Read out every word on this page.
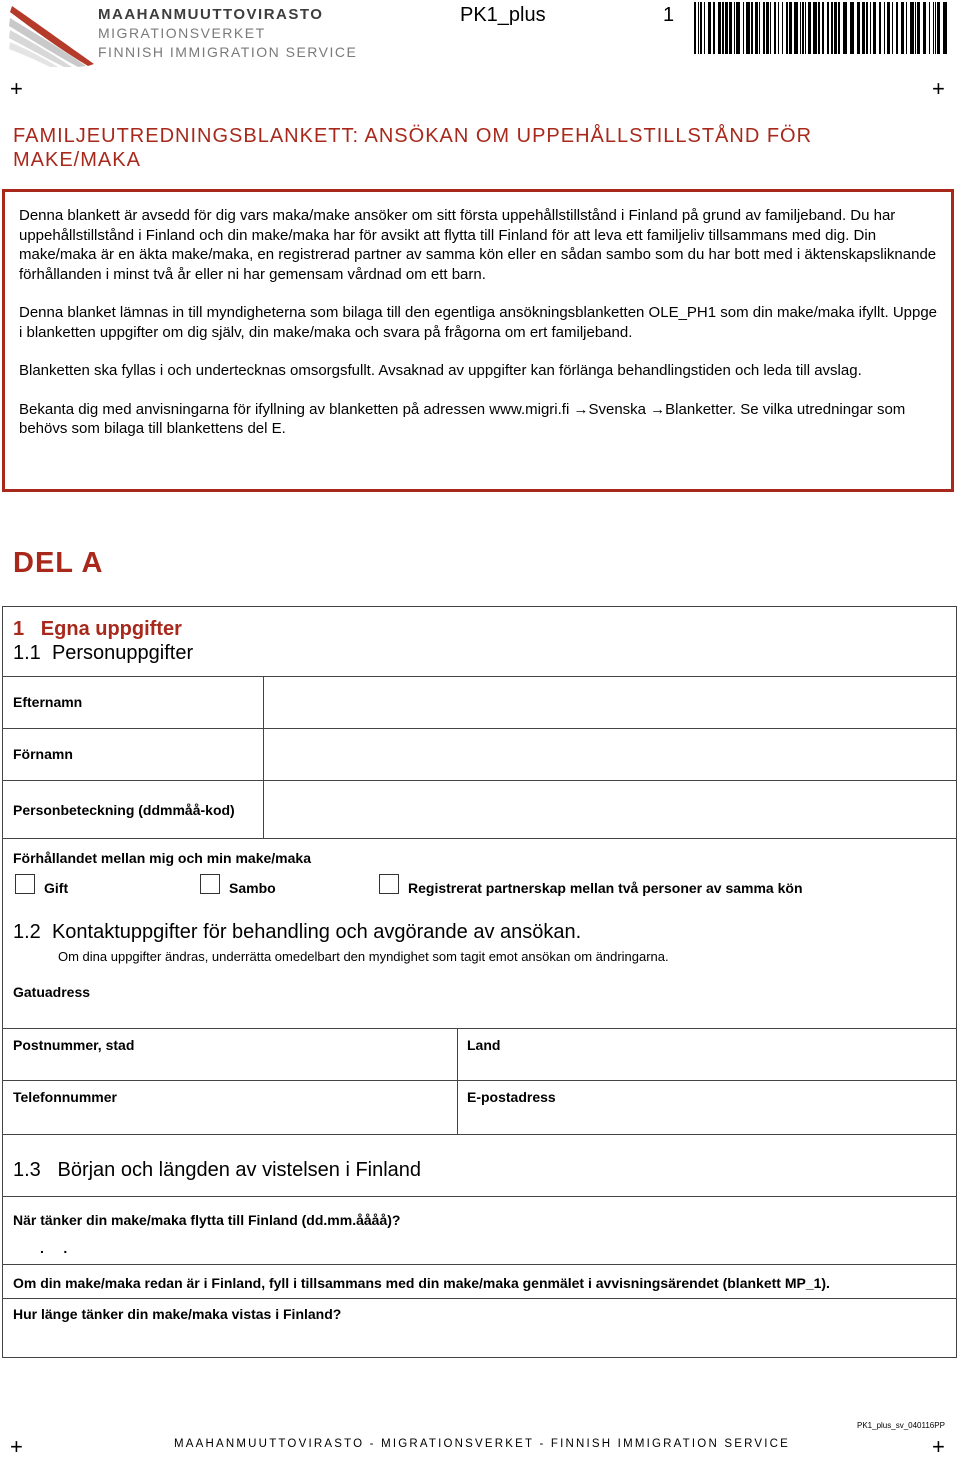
MAAHANMUUTTOVIRASTO
MIGRATIONSVERKET
FINNISH IMMIGRATION SERVICE
PK1_plus	1
+	+
FAMILJEUTREDNINGSBLANKETT: ANSÖKAN OM UPPEHÅLLSTILLSTÅND FÖR MAKE/MAKA

Denna blankett är avsedd för dig vars maka/make ansöker om sitt första uppehållstillstånd i Finland på grund av familjeband. Du har uppehållstillstånd i Finland och din make/maka har för avsikt att flytta till Finland för att leva ett familjeliv tillsammans med dig. Din make/maka är en äkta make/maka, en registrerad partner av samma kön eller en sådan sambo som du har bott med i äktenskapsliknande förhållanden i minst två år eller ni har gemensam vårdnad om ett barn.

Denna blanket lämnas in till myndigheterna som bilaga till den egentliga ansökningsblanketten OLE_PH1 som din make/maka ifyllt. Uppge i blanketten uppgifter om dig själv, din make/maka och svara på frågorna om ert familjeband.

Blanketten ska fyllas i och undertecknas omsorgsfullt. Avsaknad av uppgifter kan förlänga behandlingstiden och leda till avslag.

Bekanta dig med anvisningarna för ifyllning av blanketten på adressen www.migri.fi →Svenska →Blanketter. Se vilka utredningar som behövs som bilaga till blankettens del E.

DEL A
1 Egna uppgifter
1.1 Personuppgifter
Efternamn
Förnamn
Personbeteckning (ddmmåå-kod)
Förhållandet mellan mig och min make/maka
Gift	Sambo	Registrerat partnerskap mellan två personer av samma kön
1.2 Kontaktuppgifter för behandling och avgörande av ansökan.
Om dina uppgifter ändras, underrätta omedelbart den myndighet som tagit emot ansökan om ändringarna.
Gatuadress
Postnummer, stad	Land
Telefonnummer	E-postadress
1.3 Början och längden av vistelsen i Finland
När tänker din make/maka flytta till Finland (dd.mm.åååå)?
.     .
Om din make/maka redan är i Finland, fyll i tillsammans med din make/maka genmälet i avvisningsärendet (blankett MP_1).
Hur länge tänker din make/maka vistas i Finland?
PK1_plus_sv_040116PP
+	MAAHANMUUTTOVIRASTO - MIGRATIONSVERKET - FINNISH IMMIGRATION SERVICE	+
